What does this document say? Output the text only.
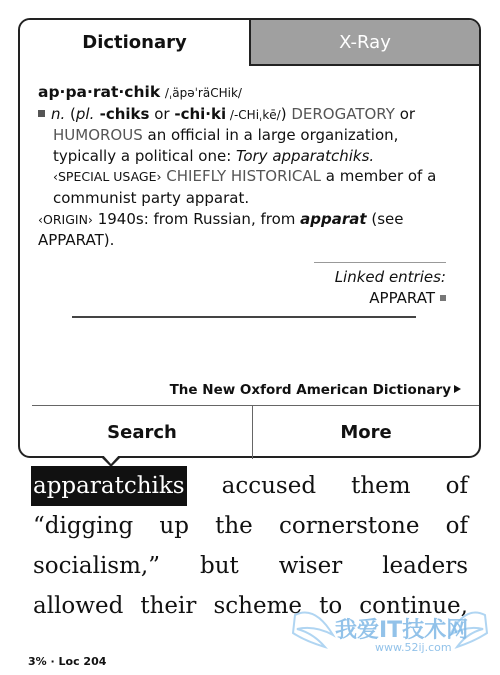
Dictionary	X-Ray

ap·pa·rat·chik /ˌäpəˈräCHik/

n. (pl. -chiks or -chi·ki /-CHiˌkē/) DEROGATORY or

HUMOROUS an official in a large organization, typically a political one: Tory apparatchiks.

‹SPECIAL USAGE› CHIEFLY HISTORICAL a member of a communist party apparat.

‹ORIGIN› 1940s: from Russian, from apparat (see APPARAT).

Linked entries:
APPARAT
The New Oxford American Dictionary
Search	More
apparatchiks accused them of
“digging up the cornerstone of
socialism,” but wiser leaders
allowed their scheme to continue,
3% · Loc 204
我爱IT技术网
www.52ij.com
